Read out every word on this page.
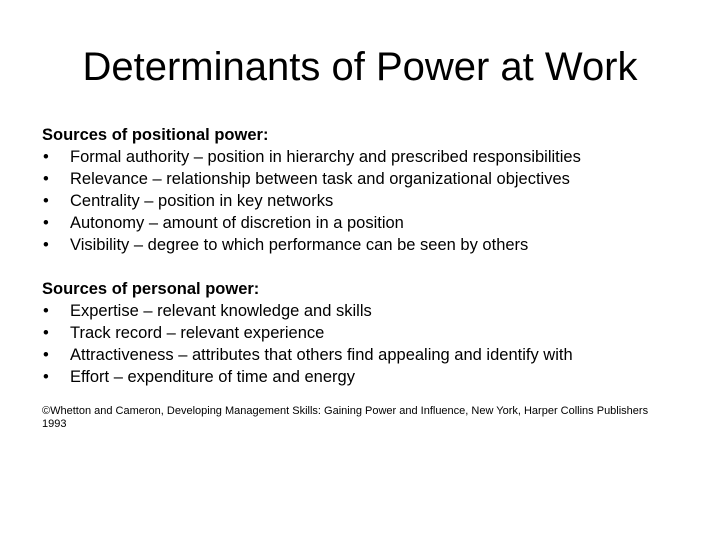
Determinants of Power at Work
Sources of positional power:
• Formal authority – position in hierarchy and prescribed responsibilities
• Relevance – relationship between task and organizational objectives
• Centrality – position in key networks
• Autonomy – amount of discretion in a position
• Visibility – degree to which performance can be seen by others
Sources of personal power:
• Expertise – relevant knowledge and skills
• Track record – relevant experience
• Attractiveness – attributes that others find appealing and identify with
• Effort – expenditure of time and energy
©Whetton and Cameron, Developing Management Skills: Gaining Power and Influence, New York, Harper Collins Publishers 1993
